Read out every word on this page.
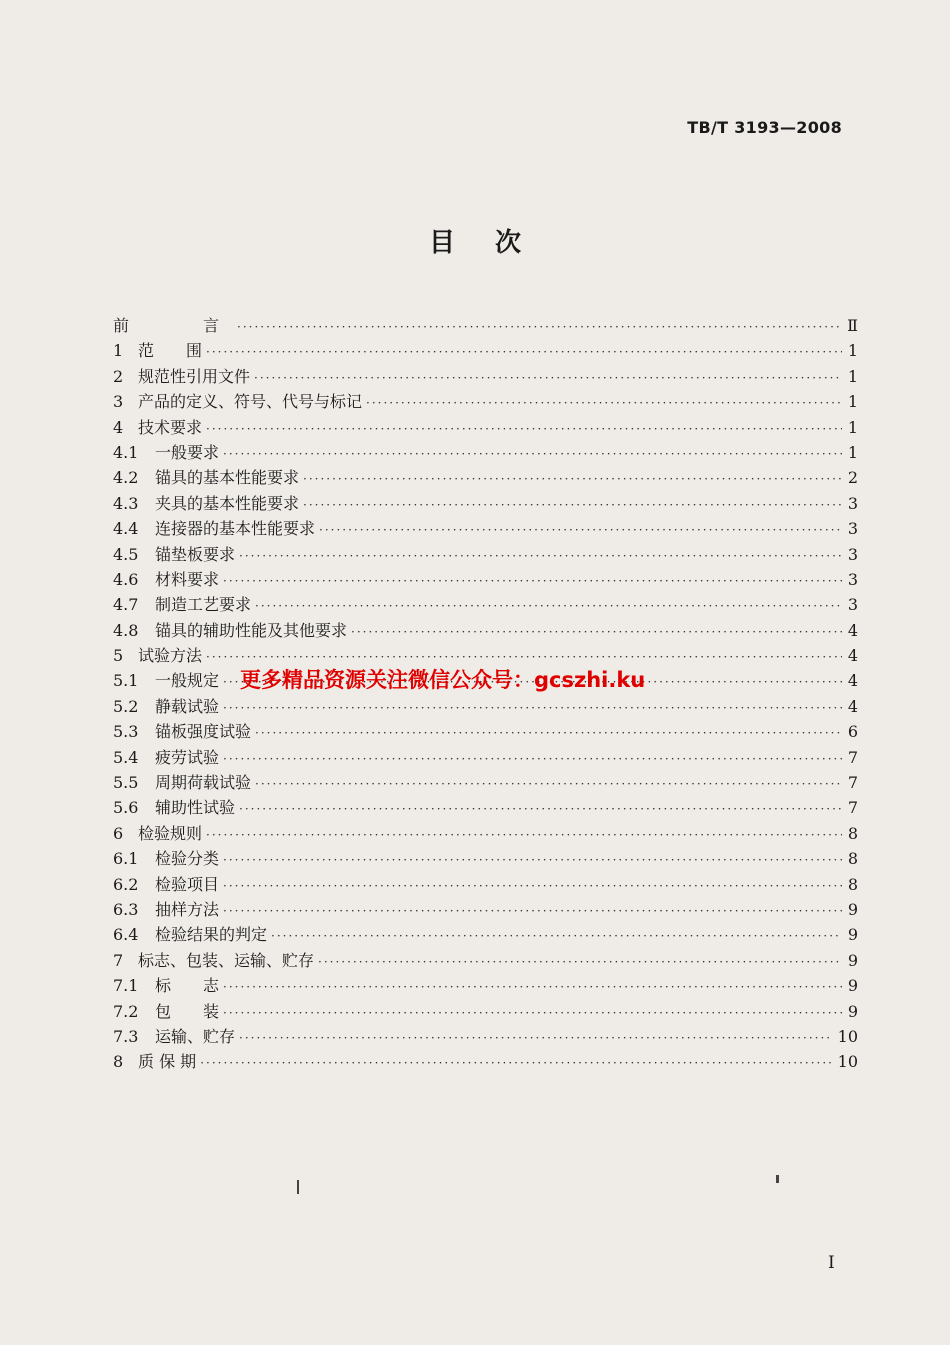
TB/T 3193—2008
目次
前　　言 ·····	Ⅱ
1 范　　围 ·····	1
2 规范性引用文件 ·····	1
3 产品的定义、符号、代号与标记 ·····	1
4 技术要求 ·····	1
4.1	一般要求 ·····	1
4.2	锚具的基本性能要求 ·····	2
4.3	夹具的基本性能要求 ·····	3
4.4	连接器的基本性能要求 ·····	3
4.5	锚垫板要求 ·····	3
4.6	材料要求 ·····	3
4.7	制造工艺要求 ·····	3
4.8	锚具的辅助性能及其他要求 ·····	4
5 试验方法 ·····	4
5.1	一般规定 ·····	4
5.2	静载试验 ·····	4
5.3	锚板强度试验 ·····	6
5.4	疲劳试验 ·····	7
5.5	周期荷载试验 ·····	7
5.6	辅助性试验 ·····	7
6 检验规则 ·····	8
6.1	检验分类 ·····	8
6.2	检验项目 ·····	8
6.3	抽样方法 ·····	9
6.4	检验结果的判定 ·····	9
7 标志、包装、运输、贮存 ·····	9
7.1	标　　志 ·····	9
7.2	包　　装 ·····	9
7.3	运输、贮存 ·····	10
8 质 保 期 ·····	10
更多精品资源关注微信公众号：gcszhi.ku
Ⅰ
